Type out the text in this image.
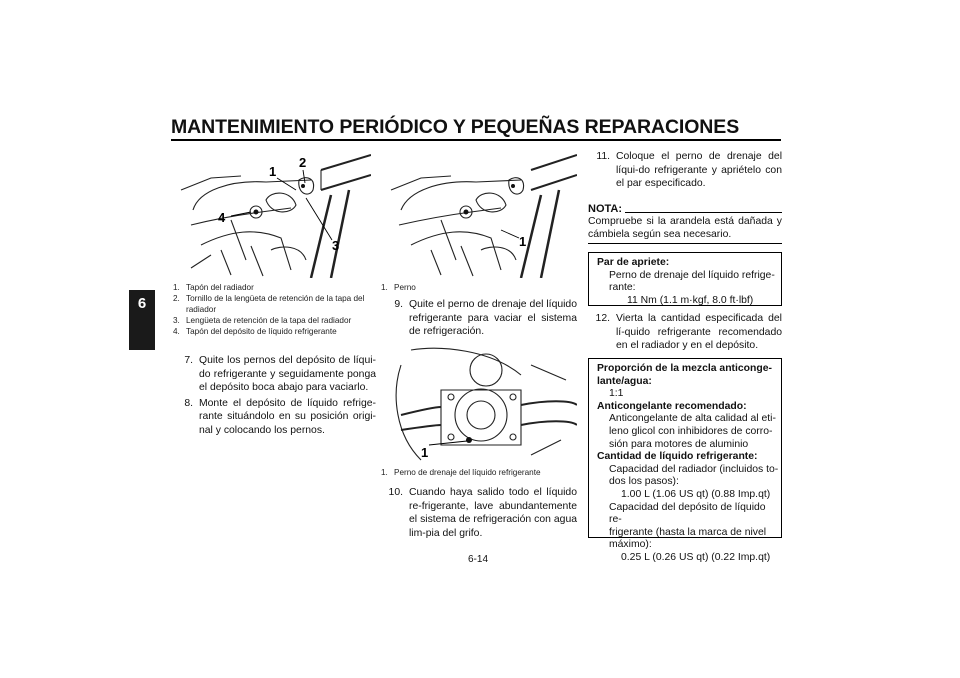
MANTENIMIENTO PERIÓDICO Y PEQUEÑAS REPARACIONES
6
1
2
3
4
1. Tapón del radiador
2. Tornillo de la lengüeta de retención de la tapa del radiador
3. Lengüeta de retención de la tapa del radiador
4. Tapón del depósito de líquido refrigerante
7. Quite los pernos del depósito de líqui-do refrigerante y seguidamente ponga el depósito boca abajo para vaciarlo.
8. Monte el depósito de líquido refrige-rante situándolo en su posición origi-nal y colocando los pernos.
1
1. Perno
9. Quite el perno de drenaje del líquido refrigerante para vaciar el sistema de refrigeración.
1
1. Perno de drenaje del líquido refrigerante
10. Cuando haya salido todo el líquido re-frigerante, lave abundantemente el sistema de refrigeración con agua lim-pia del grifo.
11. Coloque el perno de drenaje del líqui-do refrigerante y apriételo con el par especificado.
NOTA:
Compruebe si la arandela está dañada y cámbiela según sea necesario.
Par de apriete:
Perno de drenaje del líquido refrige-
rante:
11 Nm (1.1 m·kgf, 8.0 ft·lbf)
12. Vierta la cantidad especificada del lí-quido refrigerante recomendado en el radiador y en el depósito.
Proporción de la mezcla anticonge-
lante/agua:
1:1
Anticongelante recomendado:
Anticongelante de alta calidad al eti-
leno glicol con inhibidores de corro-
sión para motores de aluminio
Cantidad de líquido refrigerante:
Capacidad del radiador (incluidos to-
dos los pasos):
1.00 L (1.06 US qt) (0.88 Imp.qt)
Capacidad del depósito de líquido re-
frigerante (hasta la marca de nivel
máximo):
0.25 L (0.26 US qt) (0.22 Imp.qt)
6-14
